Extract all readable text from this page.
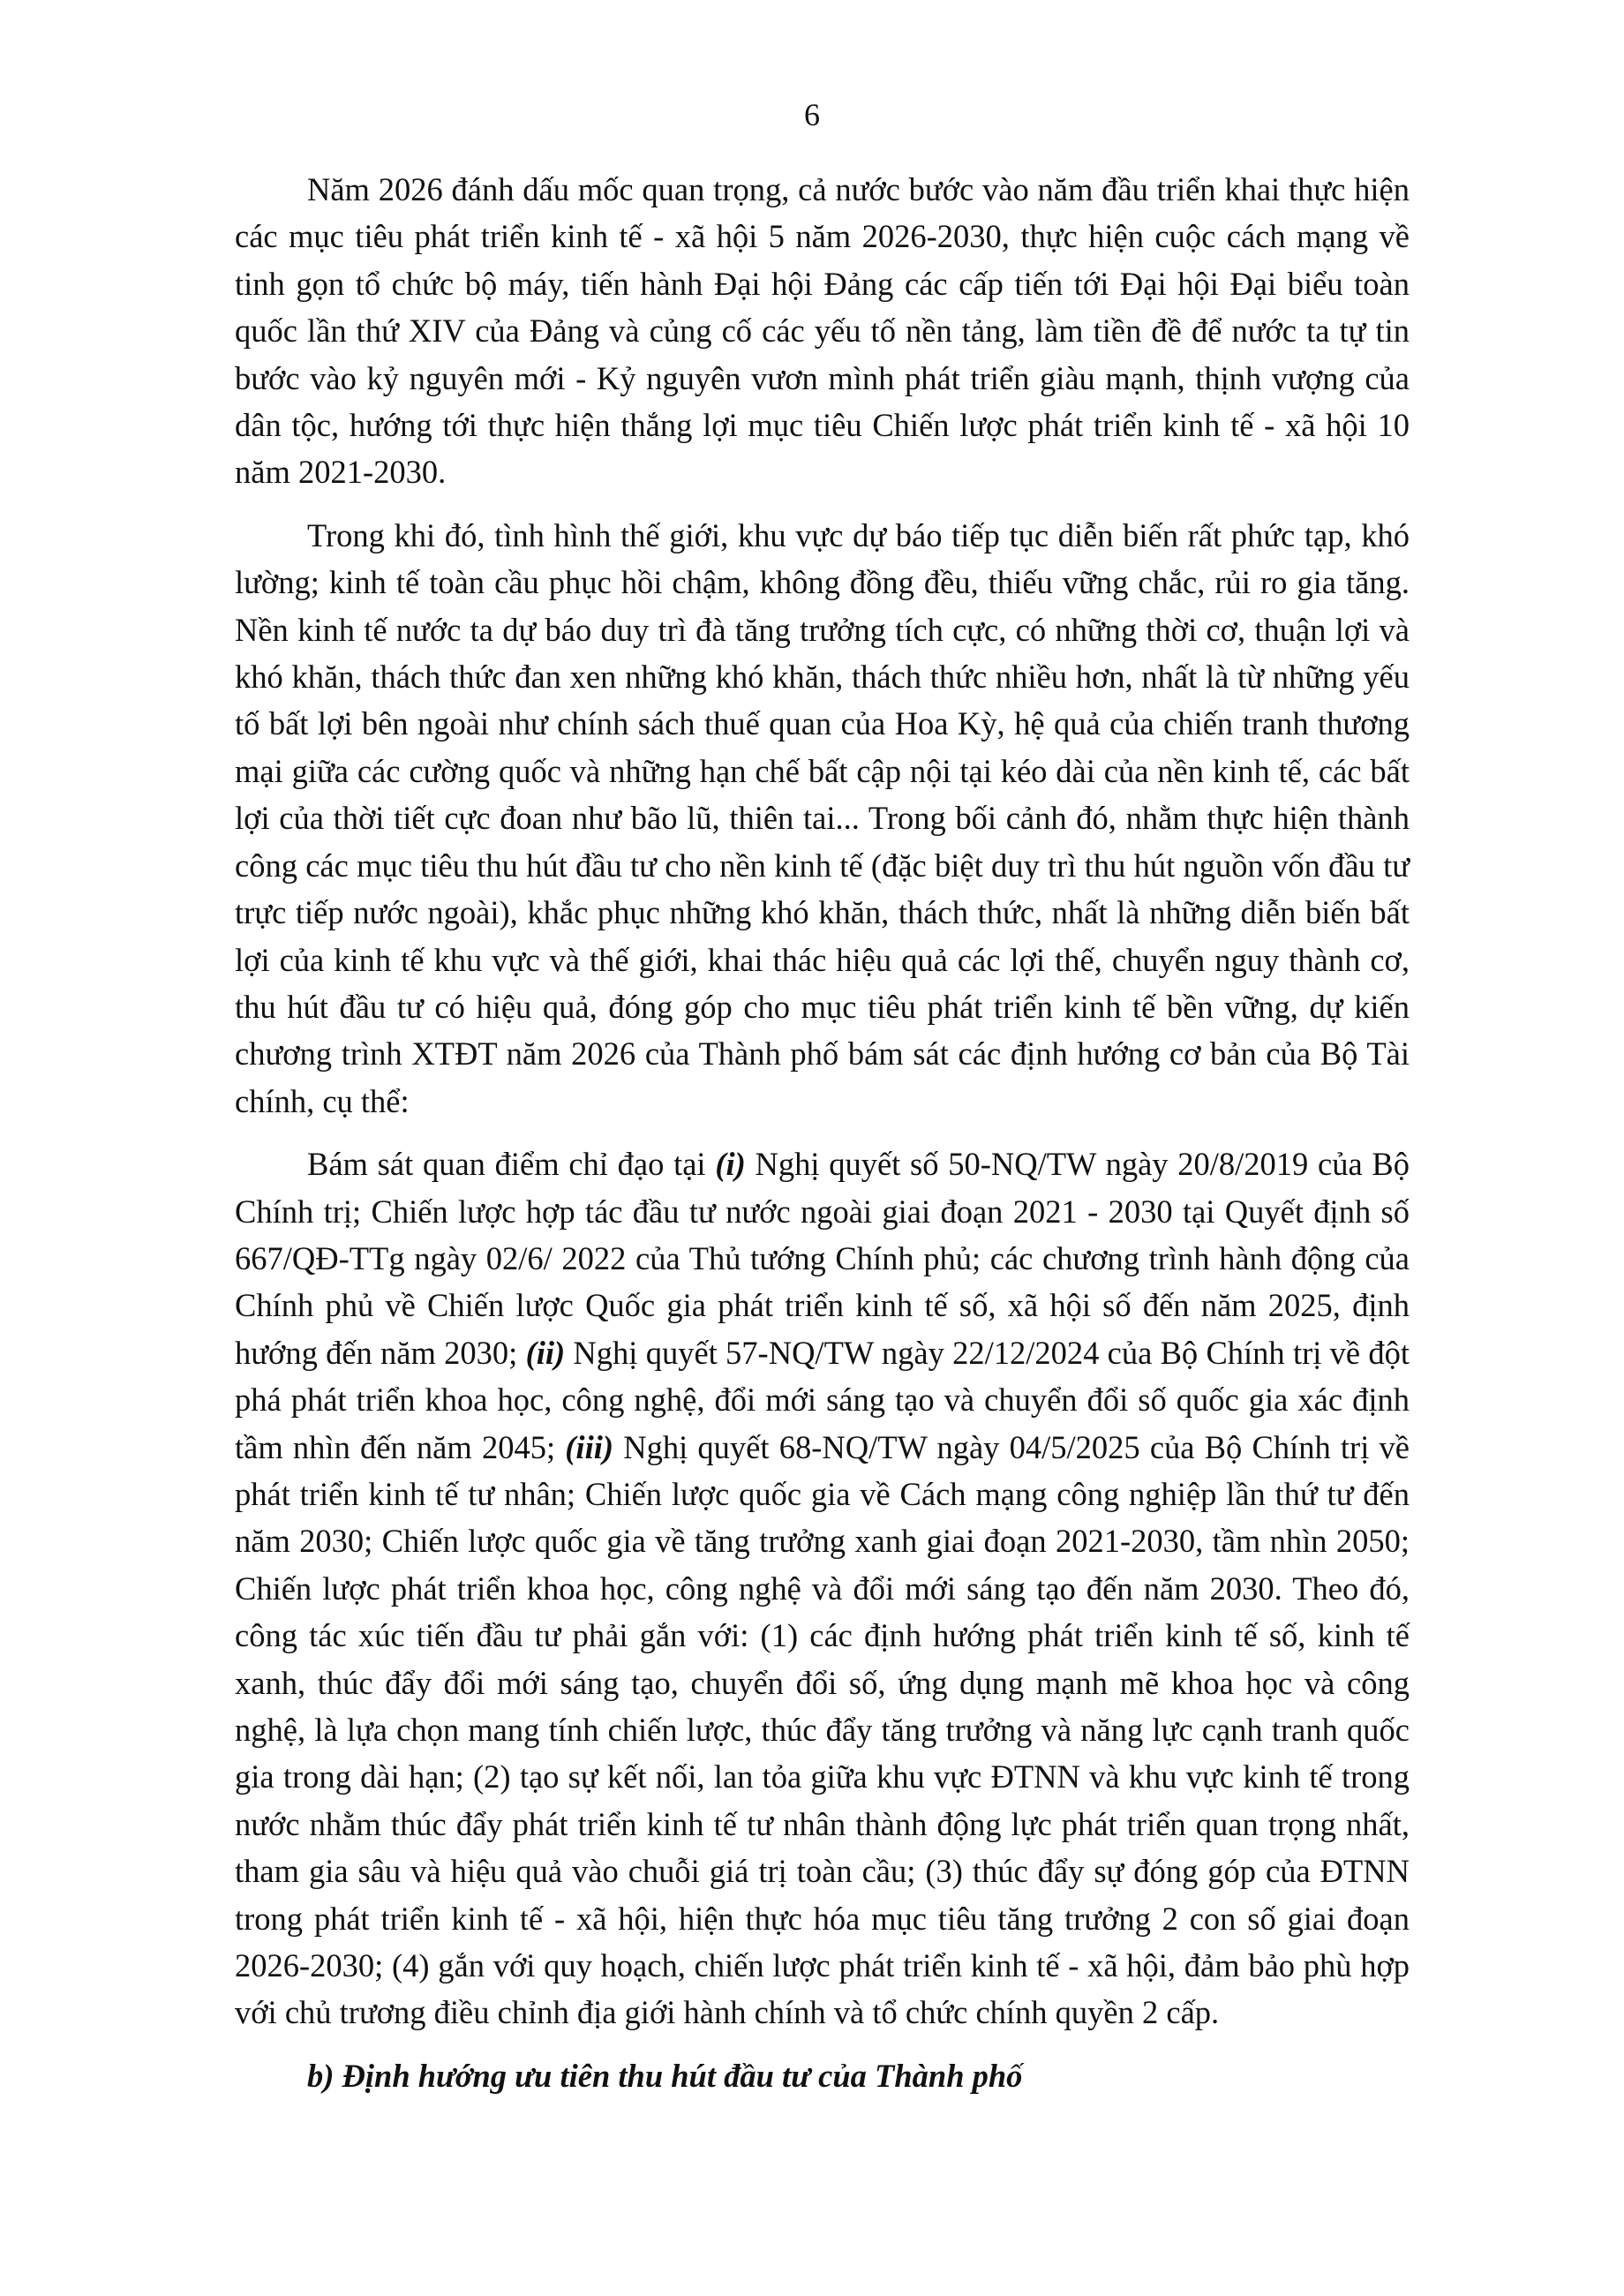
6

Năm 2026 đánh dấu mốc quan trọng, cả nước bước vào năm đầu triển khai thực hiện các mục tiêu phát triển kinh tế - xã hội 5 năm 2026-2030, thực hiện cuộc cách mạng về tinh gọn tổ chức bộ máy, tiến hành Đại hội Đảng các cấp tiến tới Đại hội Đại biểu toàn quốc lần thứ XIV của Đảng và củng cố các yếu tố nền tảng, làm tiền đề để nước ta tự tin bước vào kỷ nguyên mới - Kỷ nguyên vươn mình phát triển giàu mạnh, thịnh vượng của dân tộc, hướng tới thực hiện thắng lợi mục tiêu Chiến lược phát triển kinh tế - xã hội 10 năm 2021-2030.

Trong khi đó, tình hình thế giới, khu vực dự báo tiếp tục diễn biến rất phức tạp, khó lường; kinh tế toàn cầu phục hồi chậm, không đồng đều, thiếu vững chắc, rủi ro gia tăng. Nền kinh tế nước ta dự báo duy trì đà tăng trưởng tích cực, có những thời cơ, thuận lợi và khó khăn, thách thức đan xen những khó khăn, thách thức nhiều hơn, nhất là từ những yếu tố bất lợi bên ngoài như chính sách thuế quan của Hoa Kỳ, hệ quả của chiến tranh thương mại giữa các cường quốc và những hạn chế bất cập nội tại kéo dài của nền kinh tế, các bất lợi của thời tiết cực đoan như bão lũ, thiên tai... Trong bối cảnh đó, nhằm thực hiện thành công các mục tiêu thu hút đầu tư cho nền kinh tế (đặc biệt duy trì thu hút nguồn vốn đầu tư trực tiếp nước ngoài), khắc phục những khó khăn, thách thức, nhất là những diễn biến bất lợi của kinh tế khu vực và thế giới, khai thác hiệu quả các lợi thế, chuyển nguy thành cơ, thu hút đầu tư có hiệu quả, đóng góp cho mục tiêu phát triển kinh tế bền vững, dự kiến chương trình XTĐT năm 2026 của Thành phố bám sát các định hướng cơ bản của Bộ Tài chính, cụ thể:

Bám sát quan điểm chỉ đạo tại (i) Nghị quyết số 50-NQ/TW ngày 20/8/2019 của Bộ Chính trị; Chiến lược hợp tác đầu tư nước ngoài giai đoạn 2021 - 2030 tại Quyết định số 667/QĐ-TTg ngày 02/6/ 2022 của Thủ tướng Chính phủ; các chương trình hành động của Chính phủ về Chiến lược Quốc gia phát triển kinh tế số, xã hội số đến năm 2025, định hướng đến năm 2030; (ii) Nghị quyết 57-NQ/TW ngày 22/12/2024 của Bộ Chính trị về đột phá phát triển khoa học, công nghệ, đổi mới sáng tạo và chuyển đổi số quốc gia xác định tầm nhìn đến năm 2045; (iii) Nghị quyết 68-NQ/TW ngày 04/5/2025 của Bộ Chính trị về phát triển kinh tế tư nhân; Chiến lược quốc gia về Cách mạng công nghiệp lần thứ tư đến năm 2030; Chiến lược quốc gia về tăng trưởng xanh giai đoạn 2021-2030, tầm nhìn 2050; Chiến lược phát triển khoa học, công nghệ và đổi mới sáng tạo đến năm 2030. Theo đó, công tác xúc tiến đầu tư phải gắn với: (1) các định hướng phát triển kinh tế số, kinh tế xanh, thúc đẩy đổi mới sáng tạo, chuyển đổi số, ứng dụng mạnh mẽ khoa học và công nghệ, là lựa chọn mang tính chiến lược, thúc đẩy tăng trưởng và năng lực cạnh tranh quốc gia trong dài hạn; (2) tạo sự kết nối, lan tỏa giữa khu vực ĐTNN và khu vực kinh tế trong nước nhằm thúc đẩy phát triển kinh tế tư nhân thành động lực phát triển quan trọng nhất, tham gia sâu và hiệu quả vào chuỗi giá trị toàn cầu; (3) thúc đẩy sự đóng góp của ĐTNN trong phát triển kinh tế - xã hội, hiện thực hóa mục tiêu tăng trưởng 2 con số giai đoạn 2026-2030; (4) gắn với quy hoạch, chiến lược phát triển kinh tế - xã hội, đảm bảo phù hợp với chủ trương điều chỉnh địa giới hành chính và tổ chức chính quyền 2 cấp.

b) Định hướng ưu tiên thu hút đầu tư của Thành phố
